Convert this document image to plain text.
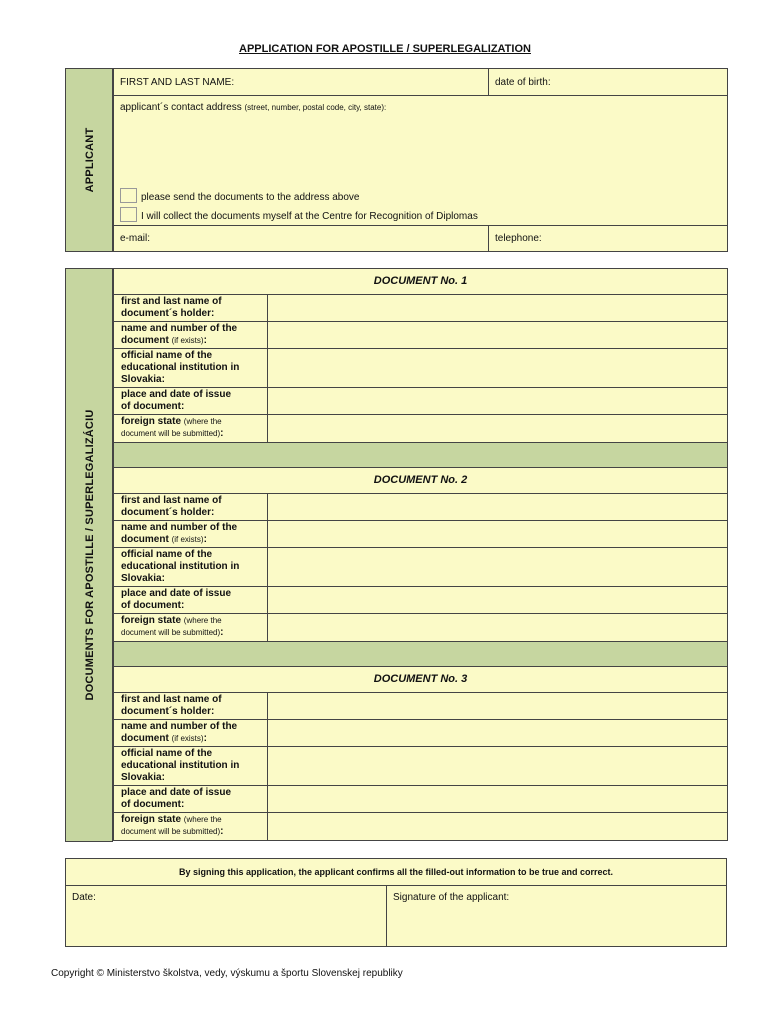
APPLICATION FOR APOSTILLE / SUPERLEGALIZATION
APPLICANT
FIRST AND LAST NAME:	date of birth:
applicant´s contact address (street, number, postal code, city, state):
please send the documents to the address above
I will collect the documents myself at the Centre for Recognition of Diplomas
e-mail:	telephone:
DOCUMENTS FOR APOSTILLE / SUPERLEGALIZÁCIU
DOCUMENT No. 1
first and last name of
document´s holder:
name and number of the
document (if exists):
official name of the
educational institution in
Slovakia:
place and date of issue
of document:
foreign state (where the
document will be submitted):
DOCUMENT No. 2
first and last name of
document´s holder:
name and number of the
document (if exists):
official name of the
educational institution in
Slovakia:
place and date of issue
of document:
foreign state (where the
document will be submitted):
DOCUMENT No. 3
first and last name of
document´s holder:
name and number of the
document (if exists):
official name of the
educational institution in
Slovakia:
place and date of issue
of document:
foreign state (where the
document will be submitted):
By signing this application, the applicant confirms all the filled-out information to be true and correct.
Date:	Signature of the applicant:
Copyright © Ministerstvo školstva, vedy, výskumu a športu Slovenskej republiky
